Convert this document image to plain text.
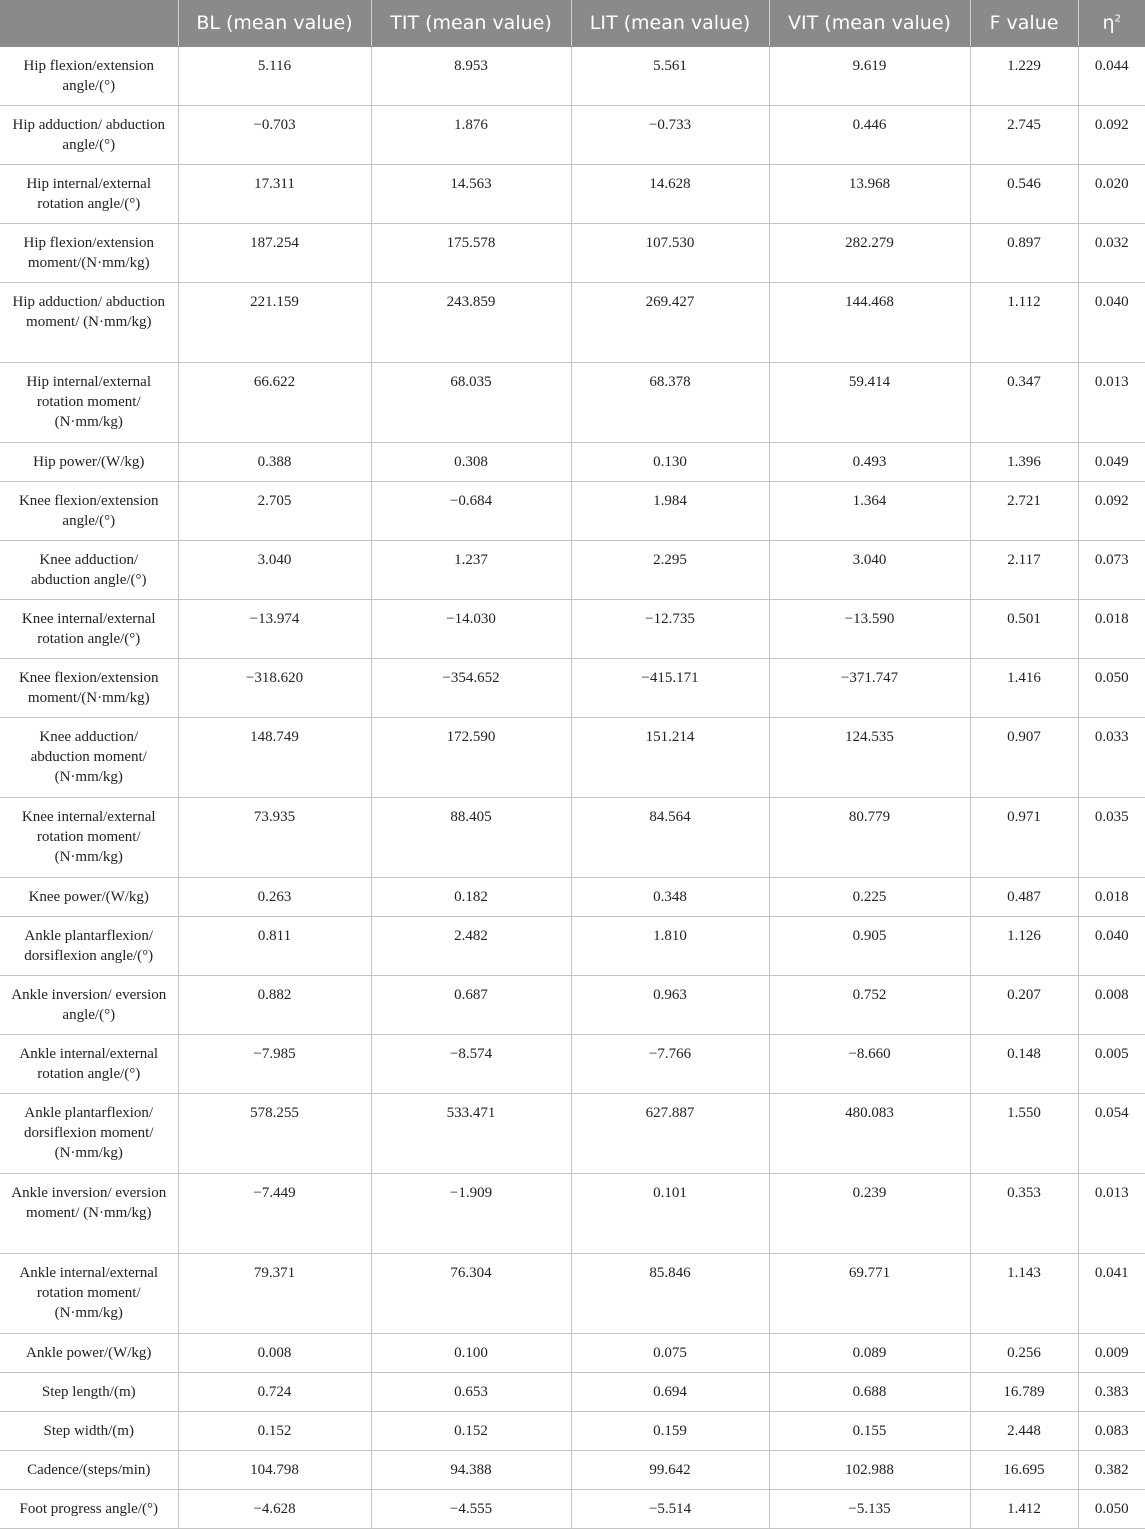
	BL (mean value)	TIT (mean value)	LIT (mean value)	VIT (mean value)	F value	$\eta^2$
Hip flexion/extension angle/(°)	5.116	8.953	5.561	9.619	1.229	0.044
Hip adduction/ abduction angle/(°)	−0.703	1.876	−0.733	0.446	2.745	0.092
Hip internal/external rotation angle/(°)	17.311	14.563	14.628	13.968	0.546	0.020
Hip flexion/extension moment/(N·mm/kg)	187.254	175.578	107.530	282.279	0.897	0.032
Hip adduction/ abduction moment/ (N·mm/kg)	221.159	243.859	269.427	144.468	1.112	0.040
Hip internal/external rotation moment/ (N·mm/kg)	66.622	68.035	68.378	59.414	0.347	0.013
Hip power/(W/kg)	0.388	0.308	0.130	0.493	1.396	0.049
Knee flexion/extension angle/(°)	2.705	−0.684	1.984	1.364	2.721	0.092
Knee adduction/ abduction angle/(°)	3.040	1.237	2.295	3.040	2.117	0.073
Knee internal/external rotation angle/(°)	−13.974	−14.030	−12.735	−13.590	0.501	0.018
Knee flexion/extension moment/(N·mm/kg)	−318.620	−354.652	−415.171	−371.747	1.416	0.050
Knee adduction/ abduction moment/ (N·mm/kg)	148.749	172.590	151.214	124.535	0.907	0.033
Knee internal/external rotation moment/ (N·mm/kg)	73.935	88.405	84.564	80.779	0.971	0.035
Knee power/(W/kg)	0.263	0.182	0.348	0.225	0.487	0.018
Ankle plantarflexion/ dorsiflexion angle/(°)	0.811	2.482	1.810	0.905	1.126	0.040
Ankle inversion/ eversion angle/(°)	0.882	0.687	0.963	0.752	0.207	0.008
Ankle internal/external rotation angle/(°)	−7.985	−8.574	−7.766	−8.660	0.148	0.005
Ankle plantarflexion/ dorsiflexion moment/ (N·mm/kg)	578.255	533.471	627.887	480.083	1.550	0.054
Ankle inversion/ eversion moment/ (N·mm/kg)	−7.449	−1.909	0.101	0.239	0.353	0.013
Ankle internal/external rotation moment/ (N·mm/kg)	79.371	76.304	85.846	69.771	1.143	0.041
Ankle power/(W/kg)	0.008	0.100	0.075	0.089	0.256	0.009
Step length/(m)	0.724	0.653	0.694	0.688	16.789	0.383
Step width/(m)	0.152	0.152	0.159	0.155	2.448	0.083
Cadence/(steps/min)	104.798	94.388	99.642	102.988	16.695	0.382
Foot progress angle/(°)	−4.628	−4.555	−5.514	−5.135	1.412	0.050
